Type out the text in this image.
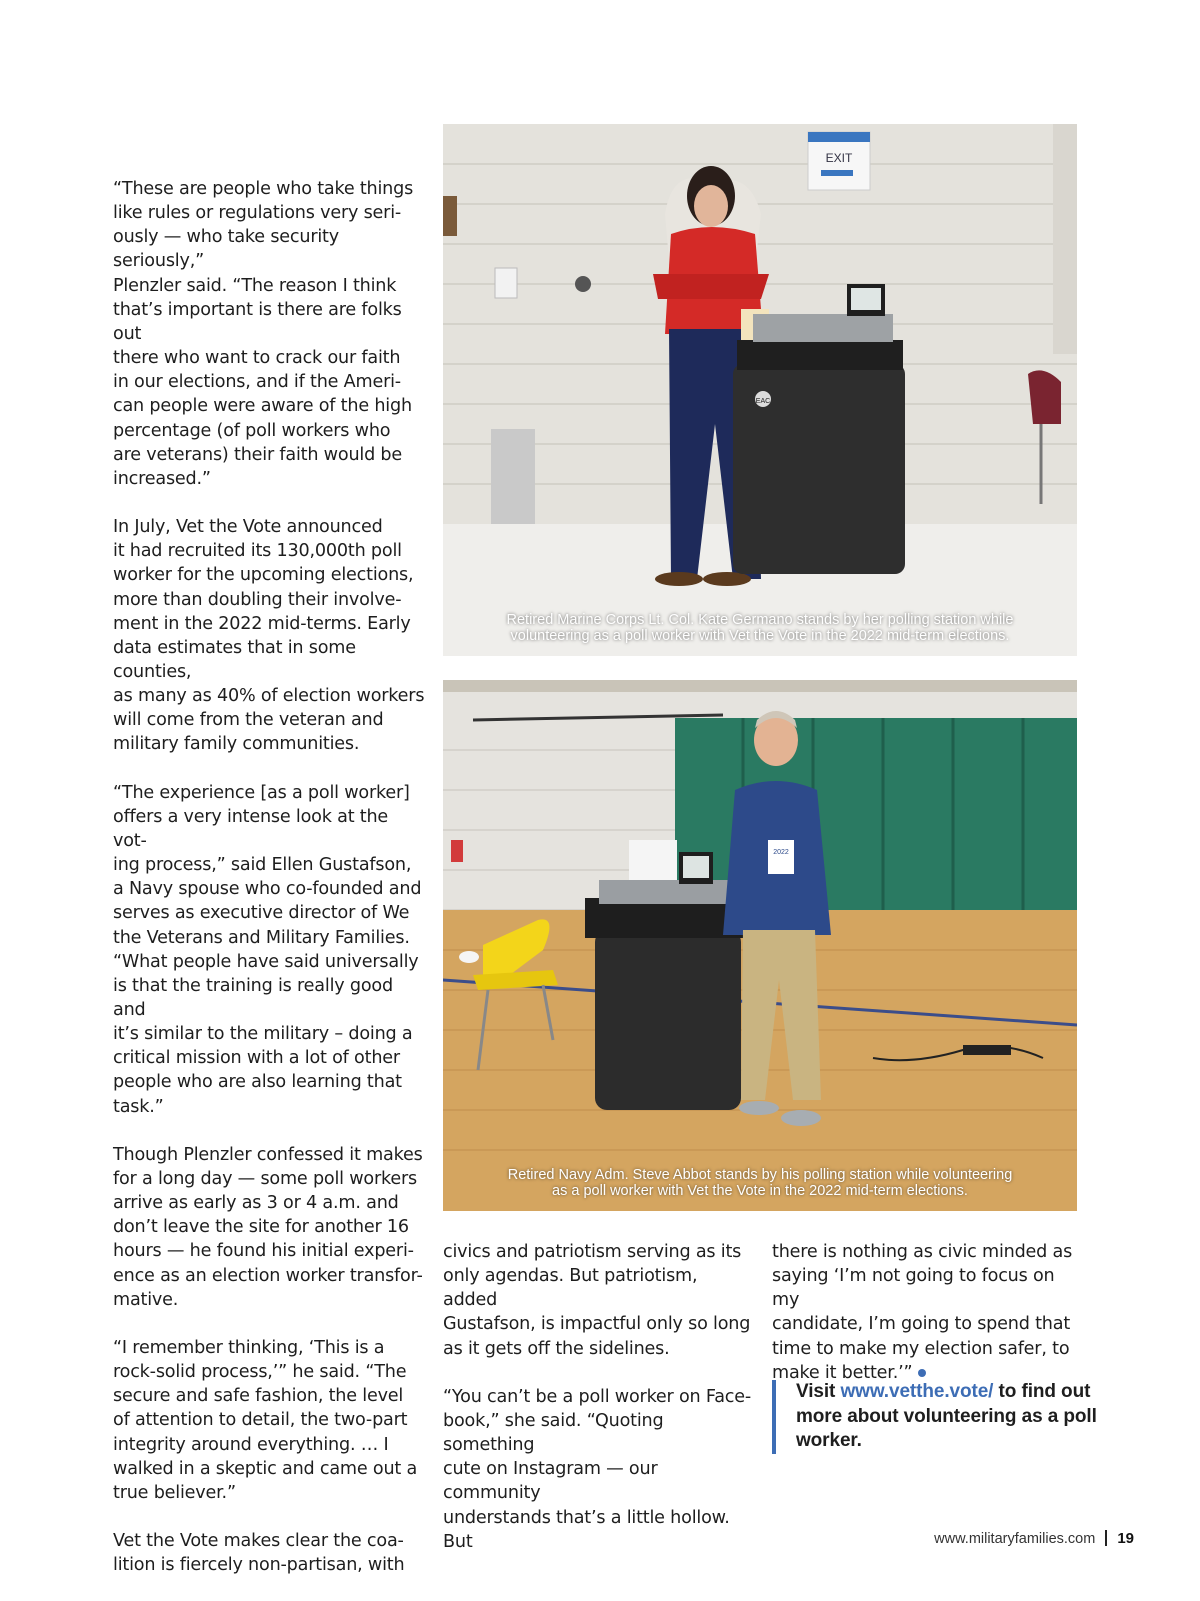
“These are people who take things
like rules or regulations very seri-
ously — who take security seriously,”
Plenzler said. “The reason I think
that’s important is there are folks out
there who want to crack our faith
in our elections, and if the Ameri-
can people were aware of the high
percentage (of poll workers who
are veterans) their faith would be
increased.”

In July, Vet the Vote announced
it had recruited its 130,000th poll
worker for the upcoming elections,
more than doubling their involve-
ment in the 2022 mid-terms. Early
data estimates that in some counties,
as many as 40% of election workers
will come from the veteran and
military family communities.

“The experience [as a poll worker]
offers a very intense look at the vot-
ing process,” said Ellen Gustafson,
a Navy spouse who co-founded and
serves as executive director of We
the Veterans and Military Families.
“What people have said universally
is that the training is really good and
it’s similar to the military – doing a
critical mission with a lot of other
people who are also learning that
task.”

Though Plenzler confessed it makes
for a long day — some poll workers
arrive as early as 3 or 4 a.m. and
don’t leave the site for another 16
hours — he found his initial experi-
ence as an election worker transfor-
mative.

“I remember thinking, ‘This is a
rock-solid process,’” he said. “The
secure and safe fashion, the level
of attention to detail, the two-part
integrity around everything. … I
walked in a skeptic and came out a
true believer.”

Vet the Vote makes clear the coa-
lition is fiercely non-partisan, with

EXIT
EAC
Retired Marine Corps Lt. Col. Kate Germano stands by her polling station while
volunteering as a poll worker with Vet the Vote in the 2022 mid-term elections.
2022
Retired Navy Adm. Steve Abbot stands by his polling station while volunteering
as a poll worker with Vet the Vote in the 2022 mid-term elections.

civics and patriotism serving as its
only agendas. But patriotism, added
Gustafson, is impactful only so long
as it gets off the sidelines.

“You can’t be a poll worker on Face-
book,” she said. “Quoting something
cute on Instagram — our community
understands that’s a little hollow. But

there is nothing as civic minded as
saying ‘I’m not going to focus on my
candidate, I’m going to spend that
time to make my election safer, to
make it better.’”

Visit www.vetthe.vote/ to find out more about volunteering as a poll worker.
www.militaryfamilies.com 19
